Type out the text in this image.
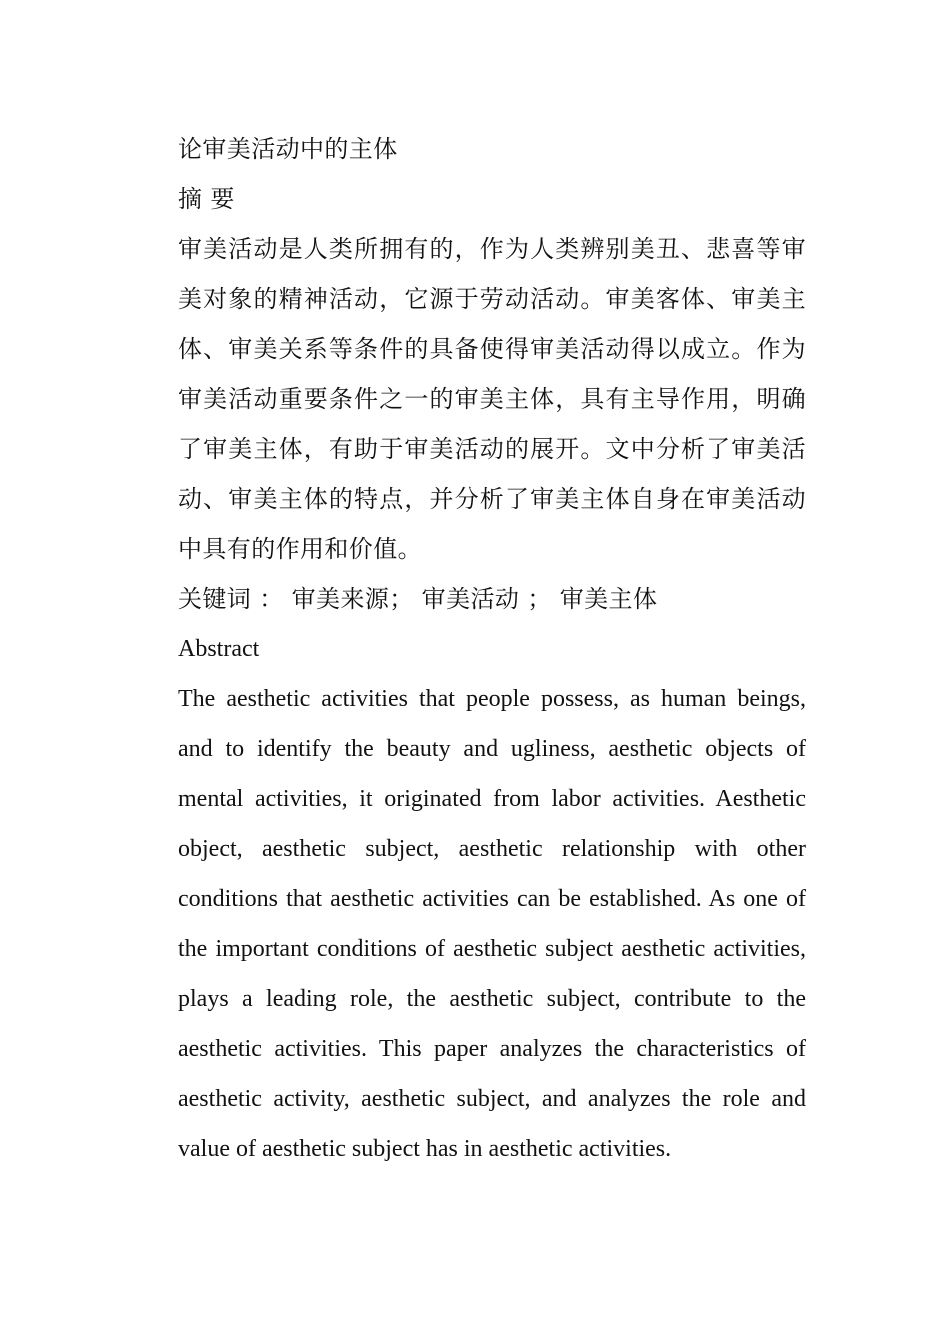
论审美活动中的主体

摘 要

审美活动是人类所拥有的，作为人类辨别美丑、悲喜等审美对象的精神活动，它源于劳动活动。审美客体、审美主体、审美关系等条件的具备使得审美活动得以成立。作为审美活动重要条件之一的审美主体，具有主导作用，明确了审美主体，有助于审美活动的展开。文中分析了审美活动、审美主体的特点，并分析了审美主体自身在审美活动中具有的作用和价值。

关键词 ： 审美来源； 审美活动 ； 审美主体

Abstract

The aesthetic activities that people possess, as human beings, and to identify the beauty and ugliness, aesthetic objects of mental activities, it originated from labor activities. Aesthetic object, aesthetic subject, aesthetic relationship with other conditions that aesthetic activities can be established. As one of the important conditions of aesthetic subject aesthetic activities, plays a leading role, the aesthetic subject, contribute to the aesthetic activities. This paper analyzes the characteristics of aesthetic activity, aesthetic subject, and analyzes the role and value of aesthetic subject has in aesthetic activities.
